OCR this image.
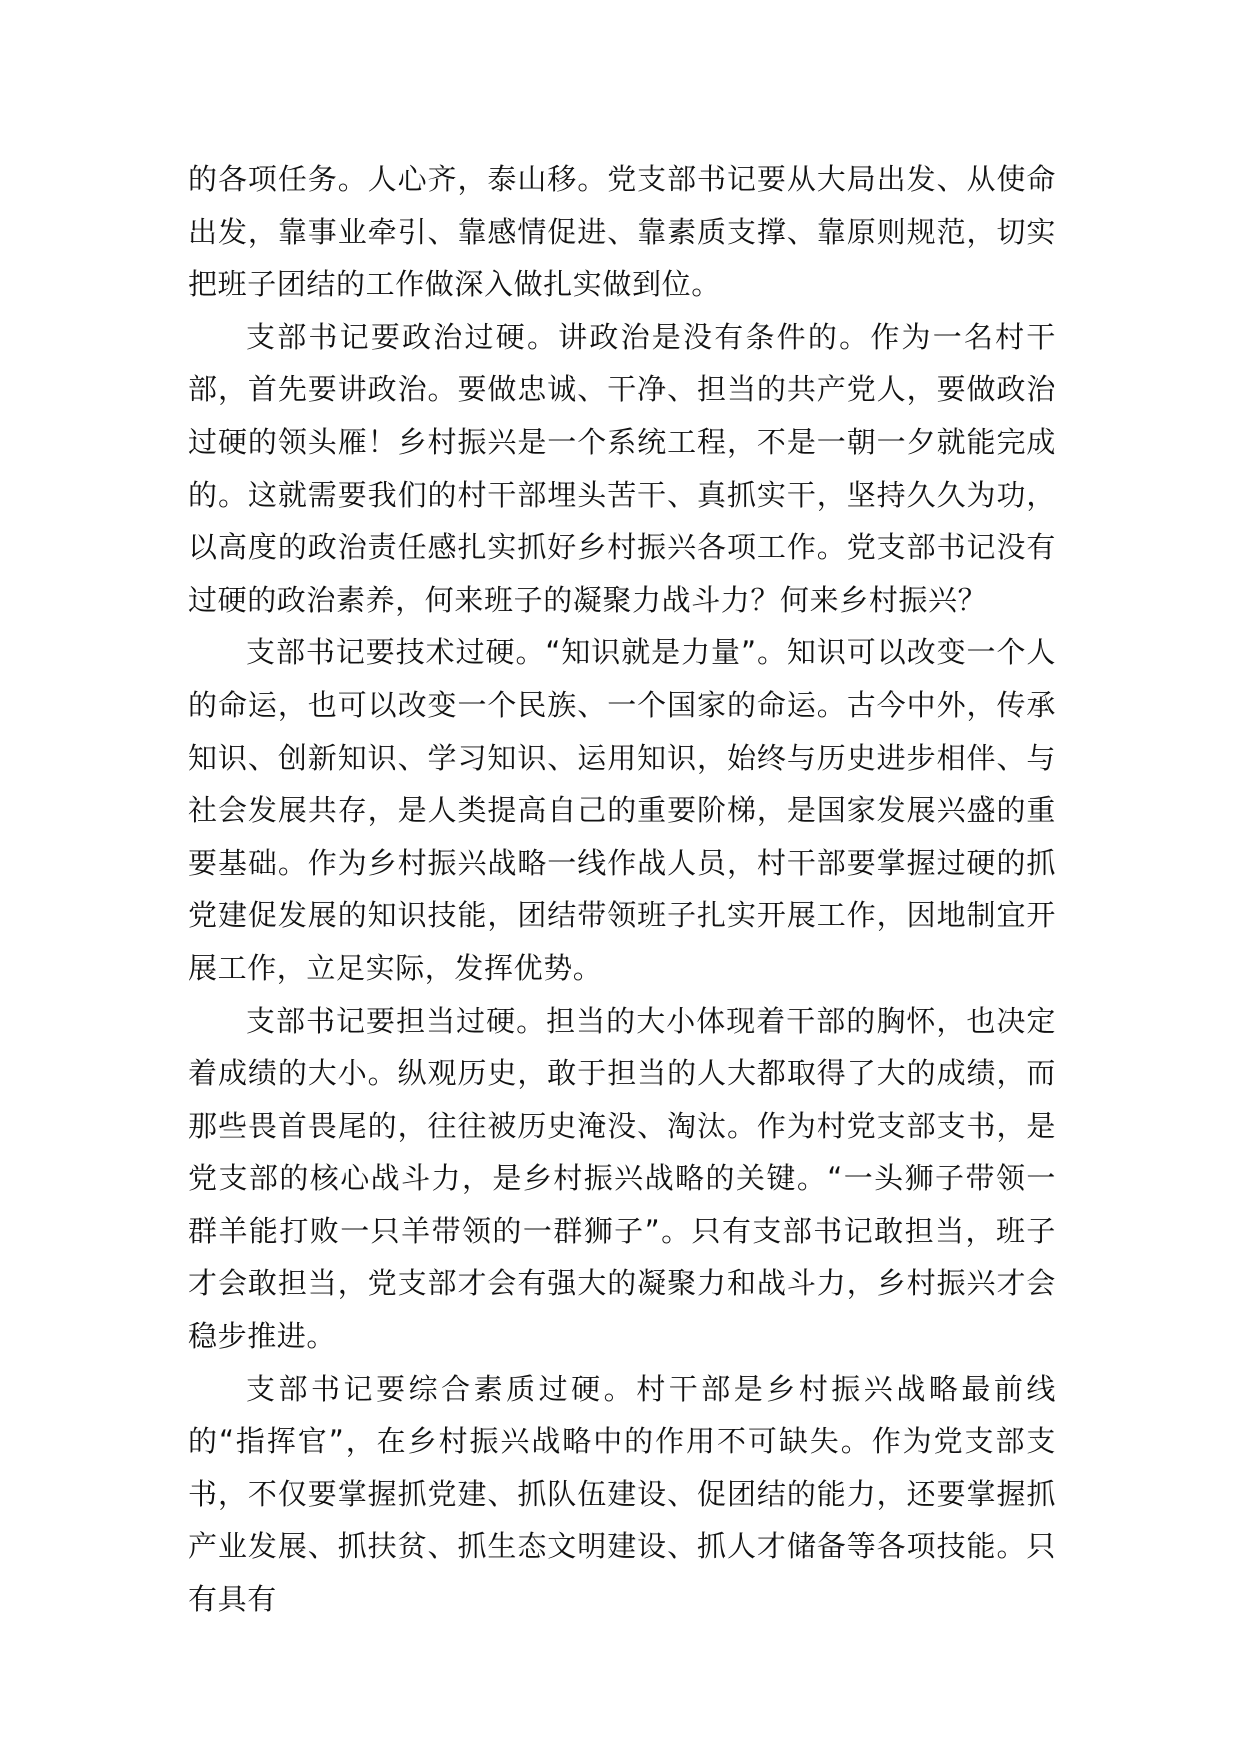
的各项任务。人心齐，泰山移。党支部书记要从大局出发、从使命出发，靠事业牵引、靠感情促进、靠素质支撑、靠原则规范，切实把班子团结的工作做深入做扎实做到位。

支部书记要政治过硬。讲政治是没有条件的。作为一名村干部，首先要讲政治。要做忠诚、干净、担当的共产党人，要做政治过硬的领头雁！乡村振兴是一个系统工程，不是一朝一夕就能完成的。这就需要我们的村干部埋头苦干、真抓实干，坚持久久为功，以高度的政治责任感扎实抓好乡村振兴各项工作。党支部书记没有过硬的政治素养，何来班子的凝聚力战斗力？何来乡村振兴？

支部书记要技术过硬。“知识就是力量”。知识可以改变一个人的命运，也可以改变一个民族、一个国家的命运。古今中外，传承知识、创新知识、学习知识、运用知识，始终与历史进步相伴、与社会发展共存，是人类提高自己的重要阶梯，是国家发展兴盛的重要基础。作为乡村振兴战略一线作战人员，村干部要掌握过硬的抓党建促发展的知识技能，团结带领班子扎实开展工作，因地制宜开展工作，立足实际，发挥优势。

支部书记要担当过硬。担当的大小体现着干部的胸怀，也决定着成绩的大小。纵观历史，敢于担当的人大都取得了大的成绩，而那些畏首畏尾的，往往被历史淹没、淘汰。作为村党支部支书，是党支部的核心战斗力，是乡村振兴战略的关键。“一头狮子带领一群羊能打败一只羊带领的一群狮子”。只有支部书记敢担当，班子才会敢担当，党支部才会有强大的凝聚力和战斗力，乡村振兴才会稳步推进。

支部书记要综合素质过硬。村干部是乡村振兴战略最前线的“指挥官”，在乡村振兴战略中的作用不可缺失。作为党支部支书，不仅要掌握抓党建、抓队伍建设、促团结的能力，还要掌握抓产业发展、抓扶贫、抓生态文明建设、抓人才储备等各项技能。只有具有
